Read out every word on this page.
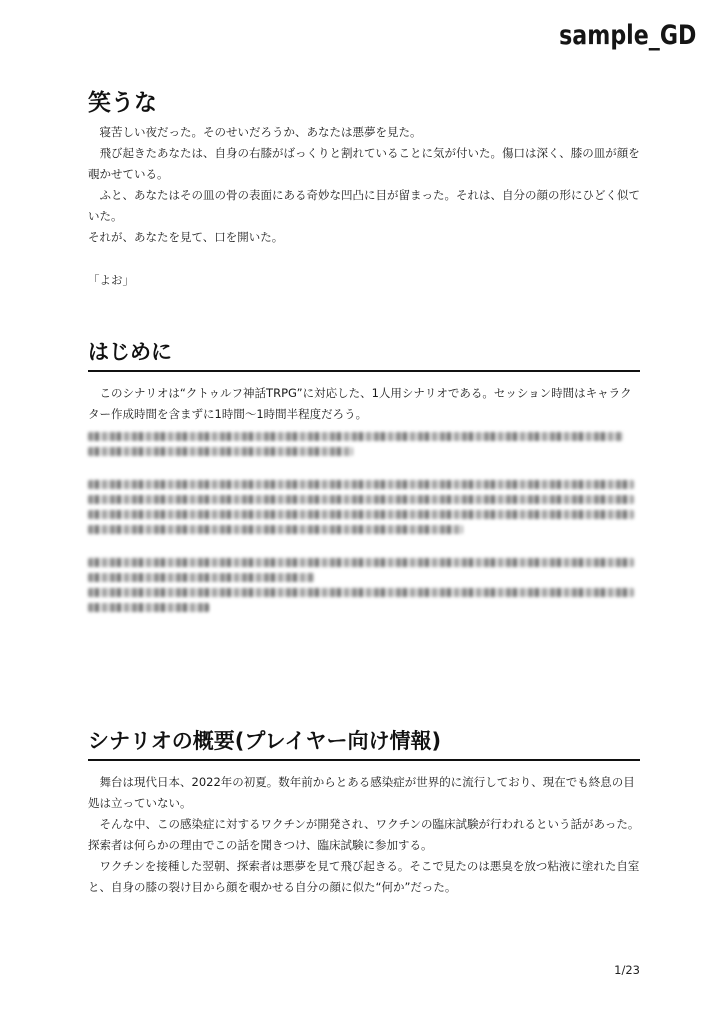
sample_GD
笑うな

寝苦しい夜だった。そのせいだろうか、あなたは悪夢を見た。

飛び起きたあなたは、自身の右膝がばっくりと割れていることに気が付いた。傷口は深く、膝の皿が顔を覗かせている。

ふと、あなたはその皿の骨の表面にある奇妙な凹凸に目が留まった。それは、自分の顔の形にひどく似ていた。

それが、あなたを見て、口を開いた。

「よお」

はじめに

このシナリオは“クトゥルフ神話TRPG”に対応した、1人用シナリオである。セッション時間はキャラクター作成時間を含まずに1時間～1時間半程度だろう。

シナリオの概要(プレイヤー向け情報)

舞台は現代日本、2022年の初夏。数年前からとある感染症が世界的に流行しており、現在でも終息の目処は立っていない。

そんな中、この感染症に対するワクチンが開発され、ワクチンの臨床試験が行われるという話があった。探索者は何らかの理由でこの話を聞きつけ、臨床試験に参加する。

ワクチンを接種した翌朝、探索者は悪夢を見て飛び起きる。そこで見たのは悪臭を放つ粘液に塗れた自室と、自身の膝の裂け目から顔を覗かせる自分の顔に似た“何か”だった。

1/23
